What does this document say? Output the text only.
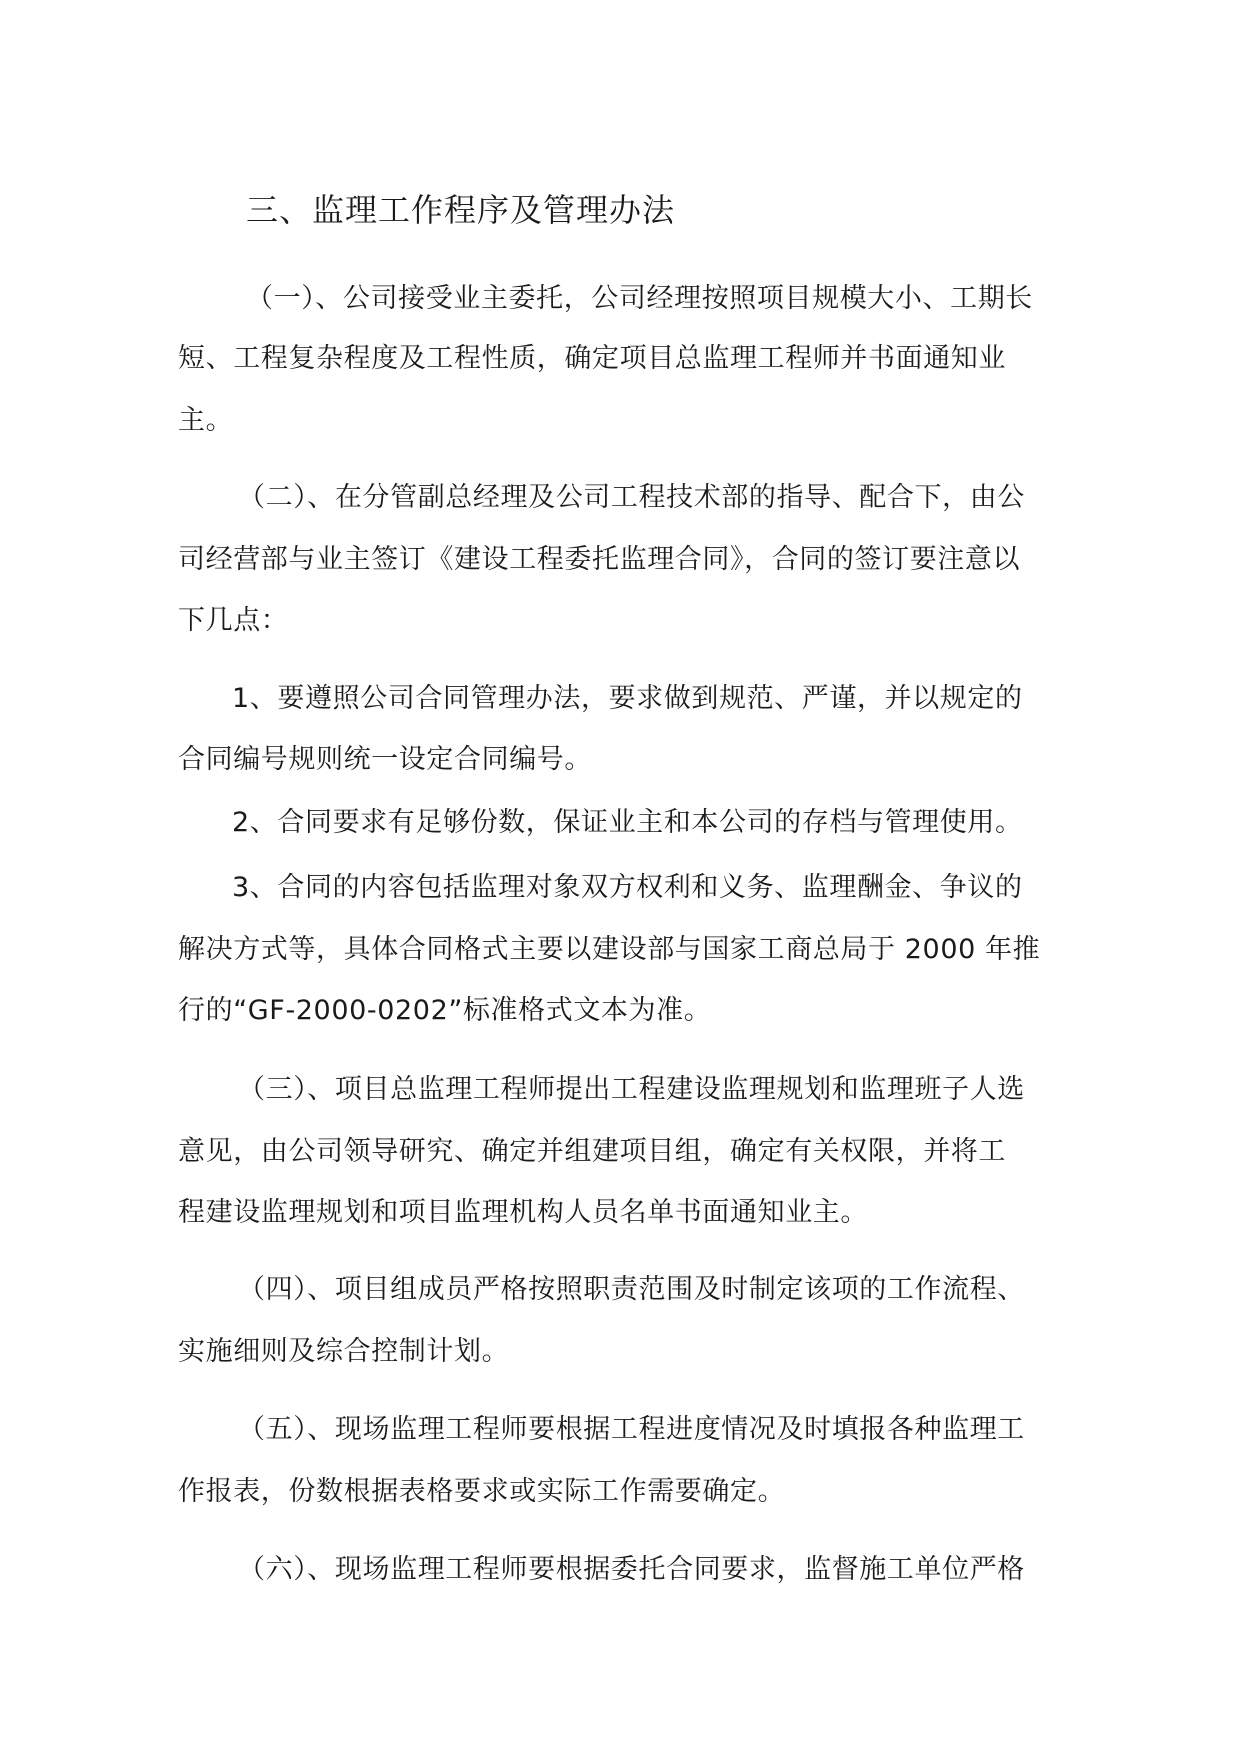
三、监理工作程序及管理办法
（一）、公司接受业主委托，公司经理按照项目规模大小、工期长
短、工程复杂程度及工程性质，确定项目总监理工程师并书面通知业
主。
（二）、在分管副总经理及公司工程技术部的指导、配合下，由公
司经营部与业主签订《建设工程委托监理合同》，合同的签订要注意以
下几点：
1、要遵照公司合同管理办法，要求做到规范、严谨，并以规定的
合同编号规则统一设定合同编号。
2、合同要求有足够份数，保证业主和本公司的存档与管理使用。
3、合同的内容包括监理对象双方权利和义务、监理酬金、争议的
解决方式等，具体合同格式主要以建设部与国家工商总局于 2000 年推
行的“GF-2000-0202”标准格式文本为准。
（三）、项目总监理工程师提出工程建设监理规划和监理班子人选
意见，由公司领导研究、确定并组建项目组，确定有关权限，并将工
程建设监理规划和项目监理机构人员名单书面通知业主。
（四）、项目组成员严格按照职责范围及时制定该项的工作流程、
实施细则及综合控制计划。
（五）、现场监理工程师要根据工程进度情况及时填报各种监理工
作报表，份数根据表格要求或实际工作需要确定。
（六）、现场监理工程师要根据委托合同要求，监督施工单位严格
